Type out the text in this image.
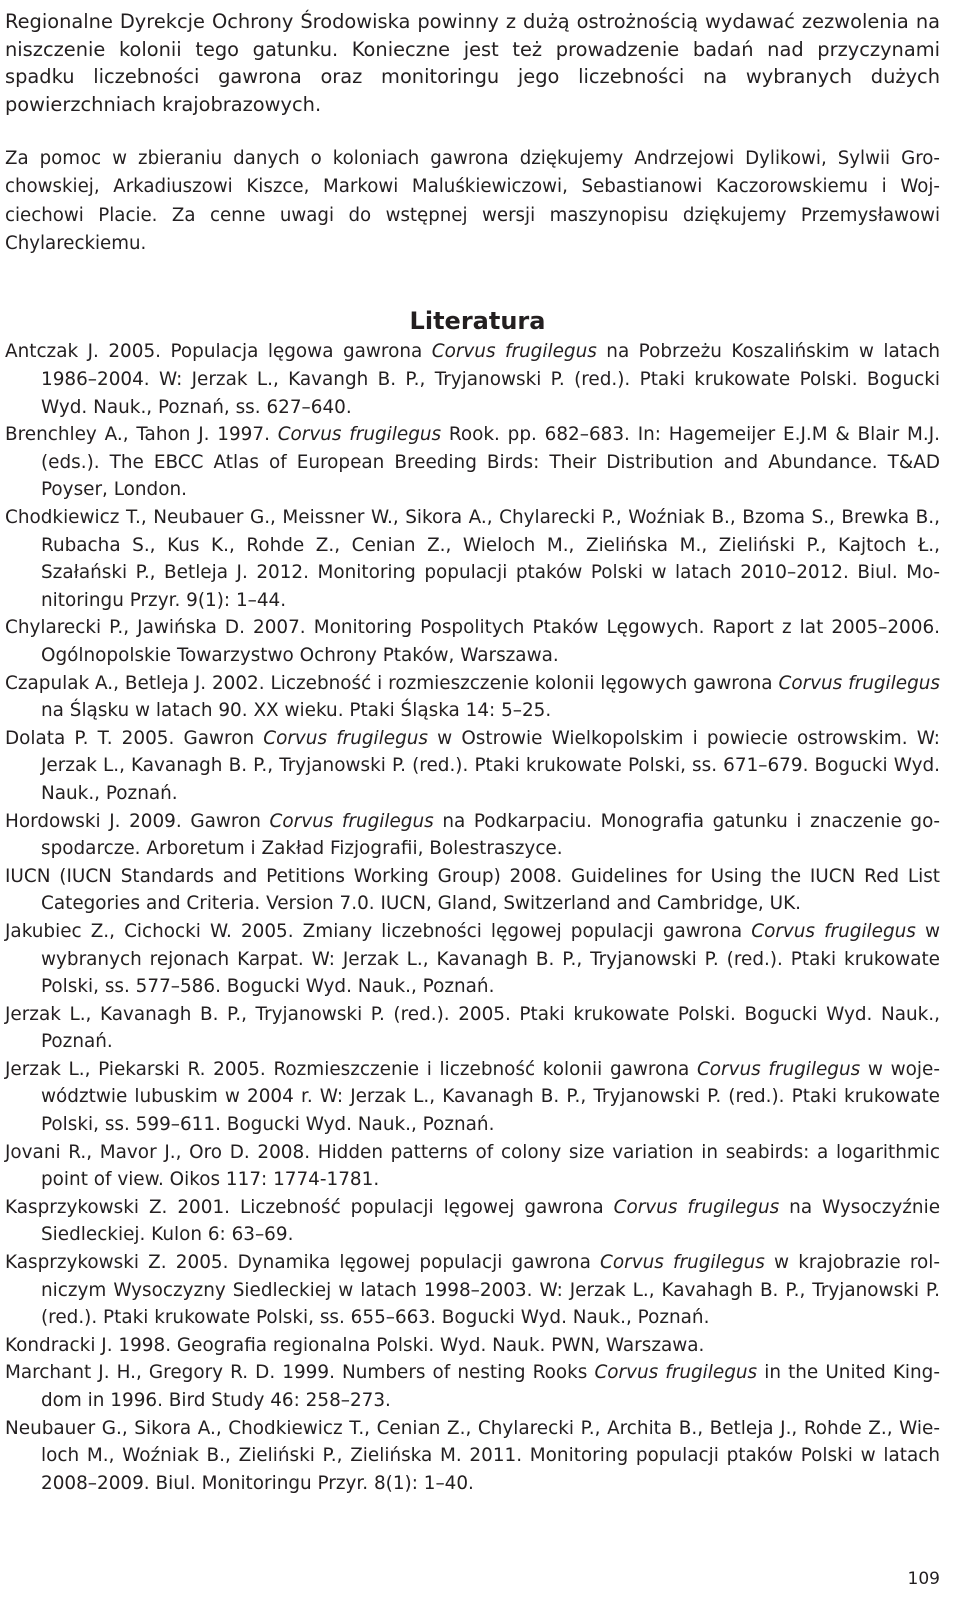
Regionalne Dyrekcje Ochrony Środowiska powinny z dużą ostrożnością wydawać zezwolenia na niszczenie kolonii tego gatunku. Konieczne jest też prowadzenie badań nad przyczynami spadku liczebności gawrona oraz monitoringu jego liczebności na wybranych dużych powierzchniach krajobrazowych.

Za pomoc w zbieraniu danych o koloniach gawrona dziękujemy Andrzejowi Dylikowi, Sylwii Grochowskiej, Arkadiuszowi Kiszce, Markowi Maluśkiewiczowi, Sebastianowi Kaczorowskiemu i Wojciechowi Placie. Za cenne uwagi do wstępnej wersji maszynopisu dziękujemy Przemysławowi Chylareckiemu.

Literatura
Antczak J. 2005. Populacja lęgowa gawrona Corvus frugilegus na Pobrzeżu Koszalińskim w latach 1986–2004. W: Jerzak L., Kavangh B. P., Tryjanowski P. (red.). Ptaki krukowate Polski. Bogucki Wyd. Nauk., Poznań, ss. 627–640.
Brenchley A., Tahon J. 1997. Corvus frugilegus Rook. pp. 682–683. In: Hagemeijer E.J.M & Blair M.J. (eds.). The EBCC Atlas of European Breeding Birds: Their Distribution and Abundance. T&AD Poyser, London.
Chodkiewicz T., Neubauer G., Meissner W., Sikora A., Chylarecki P., Woźniak B., Bzoma S., Brewka B., Rubacha S., Kus K., Rohde Z., Cenian Z., Wieloch M., Zielińska M., Zieliński P., Kajtoch Ł., Szałański P., Betleja J. 2012. Monitoring populacji ptaków Polski w latach 2010–2012. Biul. Monitoringu Przyr. 9(1): 1–44.
Chylarecki P., Jawińska D. 2007. Monitoring Pospolitych Ptaków Lęgowych. Raport z lat 2005–2006. Ogólnopolskie Towarzystwo Ochrony Ptaków, Warszawa.
Czapulak A., Betleja J. 2002. Liczebność i rozmieszczenie kolonii lęgowych gawrona Corvus frugilegus na Śląsku w latach 90. XX wieku. Ptaki Śląska 14: 5–25.
Dolata P. T. 2005. Gawron Corvus frugilegus w Ostrowie Wielkopolskim i powiecie ostrowskim. W: Jerzak L., Kavanagh B. P., Tryjanowski P. (red.). Ptaki krukowate Polski, ss. 671–679. Bogucki Wyd. Nauk., Poznań.
Hordowski J. 2009. Gawron Corvus frugilegus na Podkarpaciu. Monografia gatunku i znaczenie gospodarcze. Arboretum i Zakład Fizjografii, Bolestraszyce.
IUCN (IUCN Standards and Petitions Working Group) 2008. Guidelines for Using the IUCN Red List Categories and Criteria. Version 7.0. IUCN, Gland, Switzerland and Cambridge, UK.
Jakubiec Z., Cichocki W. 2005. Zmiany liczebności lęgowej populacji gawrona Corvus frugilegus w wybranych rejonach Karpat. W: Jerzak L., Kavanagh B. P., Tryjanowski P. (red.). Ptaki krukowate Polski, ss. 577–586. Bogucki Wyd. Nauk., Poznań.
Jerzak L., Kavanagh B. P., Tryjanowski P. (red.). 2005. Ptaki krukowate Polski. Bogucki Wyd. Nauk., Poznań.
Jerzak L., Piekarski R. 2005. Rozmieszczenie i liczebność kolonii gawrona Corvus frugilegus w województwie lubuskim w 2004 r. W: Jerzak L., Kavanagh B. P., Tryjanowski P. (red.). Ptaki krukowate Polski, ss. 599–611. Bogucki Wyd. Nauk., Poznań.
Jovani R., Mavor J., Oro D. 2008. Hidden patterns of colony size variation in seabirds: a logarithmic point of view. Oikos 117: 1774-1781.
Kasprzykowski Z. 2001. Liczebność populacji lęgowej gawrona Corvus frugilegus na Wysoczyźnie Siedleckiej. Kulon 6: 63–69.
Kasprzykowski Z. 2005. Dynamika lęgowej populacji gawrona Corvus frugilegus w krajobrazie rolniczym Wysoczyzny Siedleckiej w latach 1998–2003. W: Jerzak L., Kavahagh B. P., Tryjanowski P. (red.). Ptaki krukowate Polski, ss. 655–663. Bogucki Wyd. Nauk., Poznań.
Kondracki J. 1998. Geografia regionalna Polski. Wyd. Nauk. PWN, Warszawa.
Marchant J. H., Gregory R. D. 1999. Numbers of nesting Rooks Corvus frugilegus in the United Kingdom in 1996. Bird Study 46: 258–273.
Neubauer G., Sikora A., Chodkiewicz T., Cenian Z., Chylarecki P., Archita B., Betleja J., Rohde Z., Wieloch M., Woźniak B., Zieliński P., Zielińska M. 2011. Monitoring populacji ptaków Polski w latach 2008–2009. Biul. Monitoringu Przyr. 8(1): 1–40.
109
